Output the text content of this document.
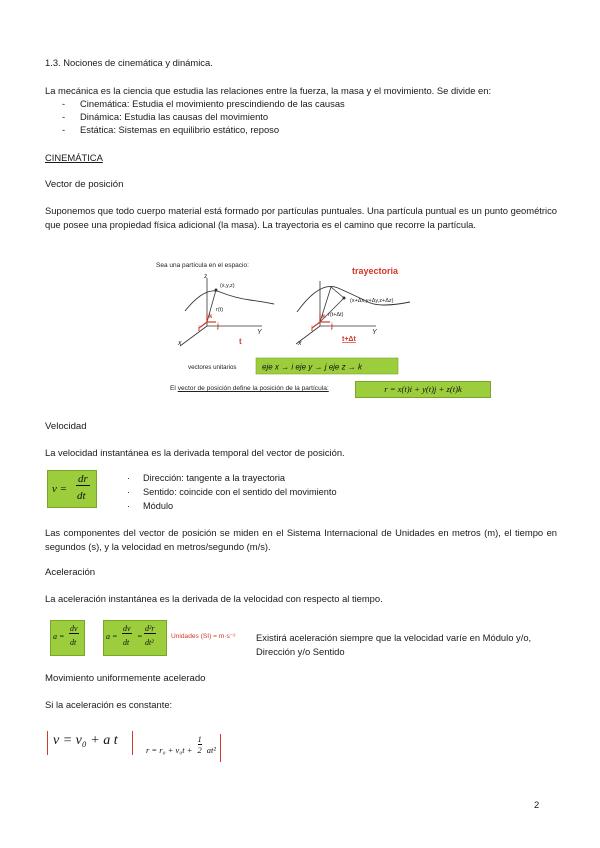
1.3. Nociones de cinemática y dinámica.
La mecánica es la ciencia que estudia las relaciones entre la fuerza, la masa y el movimiento. Se divide en:
- Cinemática: Estudia el movimiento prescindiendo de las causas
- Dinámica: Estudia las causas del movimiento
- Estática: Sistemas en equilibrio estático, reposo
CINEMÁTICA
Vector de posición
Suponemos que todo cuerpo material está formado por partículas puntuales. Una partícula puntual es un punto geométrico que posee una propiedad física adicional (la masa). La trayectoria es el camino que recorre la partícula.
Sea una partícula en el espacio:
z
Y
x
(x,y,z)
r(t)
i j
k
t
trayectoria
Y
x
(x+Δx,y+Δy,z+Δz)
r(t+Δt)
i	j
k
t+Δt
vectores unitarios	eje x → i eje y → j eje z → k
El vector de posición define la posición de la partícula:	r = x(t)i + y(t)j + z(t)k
Velocidad
La velocidad instantánea es la derivada temporal del vector de posición.
v =
dr
dt
· Dirección: tangente a la trayectoria
· Sentido: coincide con el sentido del movimiento
· Módulo
Las componentes del vector de posición se miden en el Sistema Internacional de Unidades en metros (m), el tiempo en segundos (s), y la velocidad en metros/segundo (m/s).
Aceleración
La aceleración instantánea es la derivada de la velocidad con respecto al tiempo.
a =
dv
dt
a =
dv
dt
=
d²r
dt²
Unidades (SI) = m·s⁻² Existirá aceleración siempre que la velocidad varíe en Módulo y/o, Dirección y/o Sentido
Movimiento uniformemente acelerado
Si la aceleración es constante:
v = v₀ + a t
$_{r = r_0 + v_0t +} \frac{1}{2} _{at^2}$
2
